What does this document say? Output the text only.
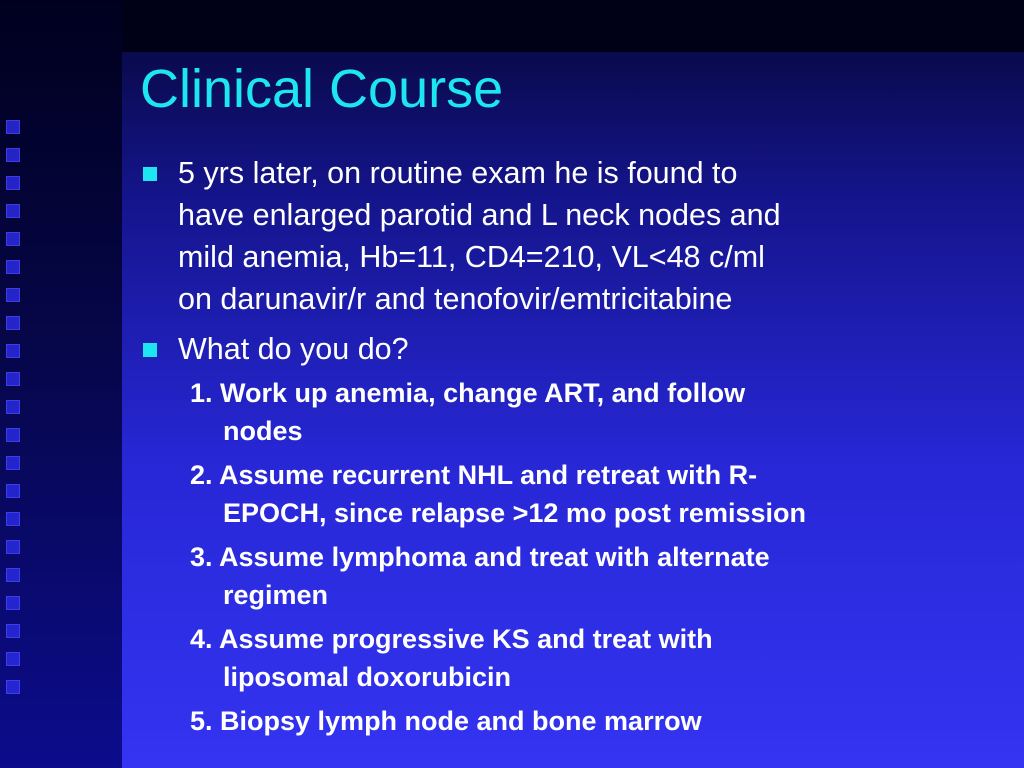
Clinical Course
5 yrs later, on routine exam he is found to
have enlarged parotid and L neck nodes and
mild anemia, Hb=11, CD4=210, VL<48 c/ml
on darunavir/r and tenofovir/emtricitabine
What do you do?
1. Work up anemia, change ART, and follow
nodes
2. Assume recurrent NHL and retreat with R-
EPOCH, since relapse >12 mo post remission
3. Assume lymphoma and treat with alternate
regimen
4. Assume progressive KS and treat with
liposomal doxorubicin
5. Biopsy lymph node and bone marrow
